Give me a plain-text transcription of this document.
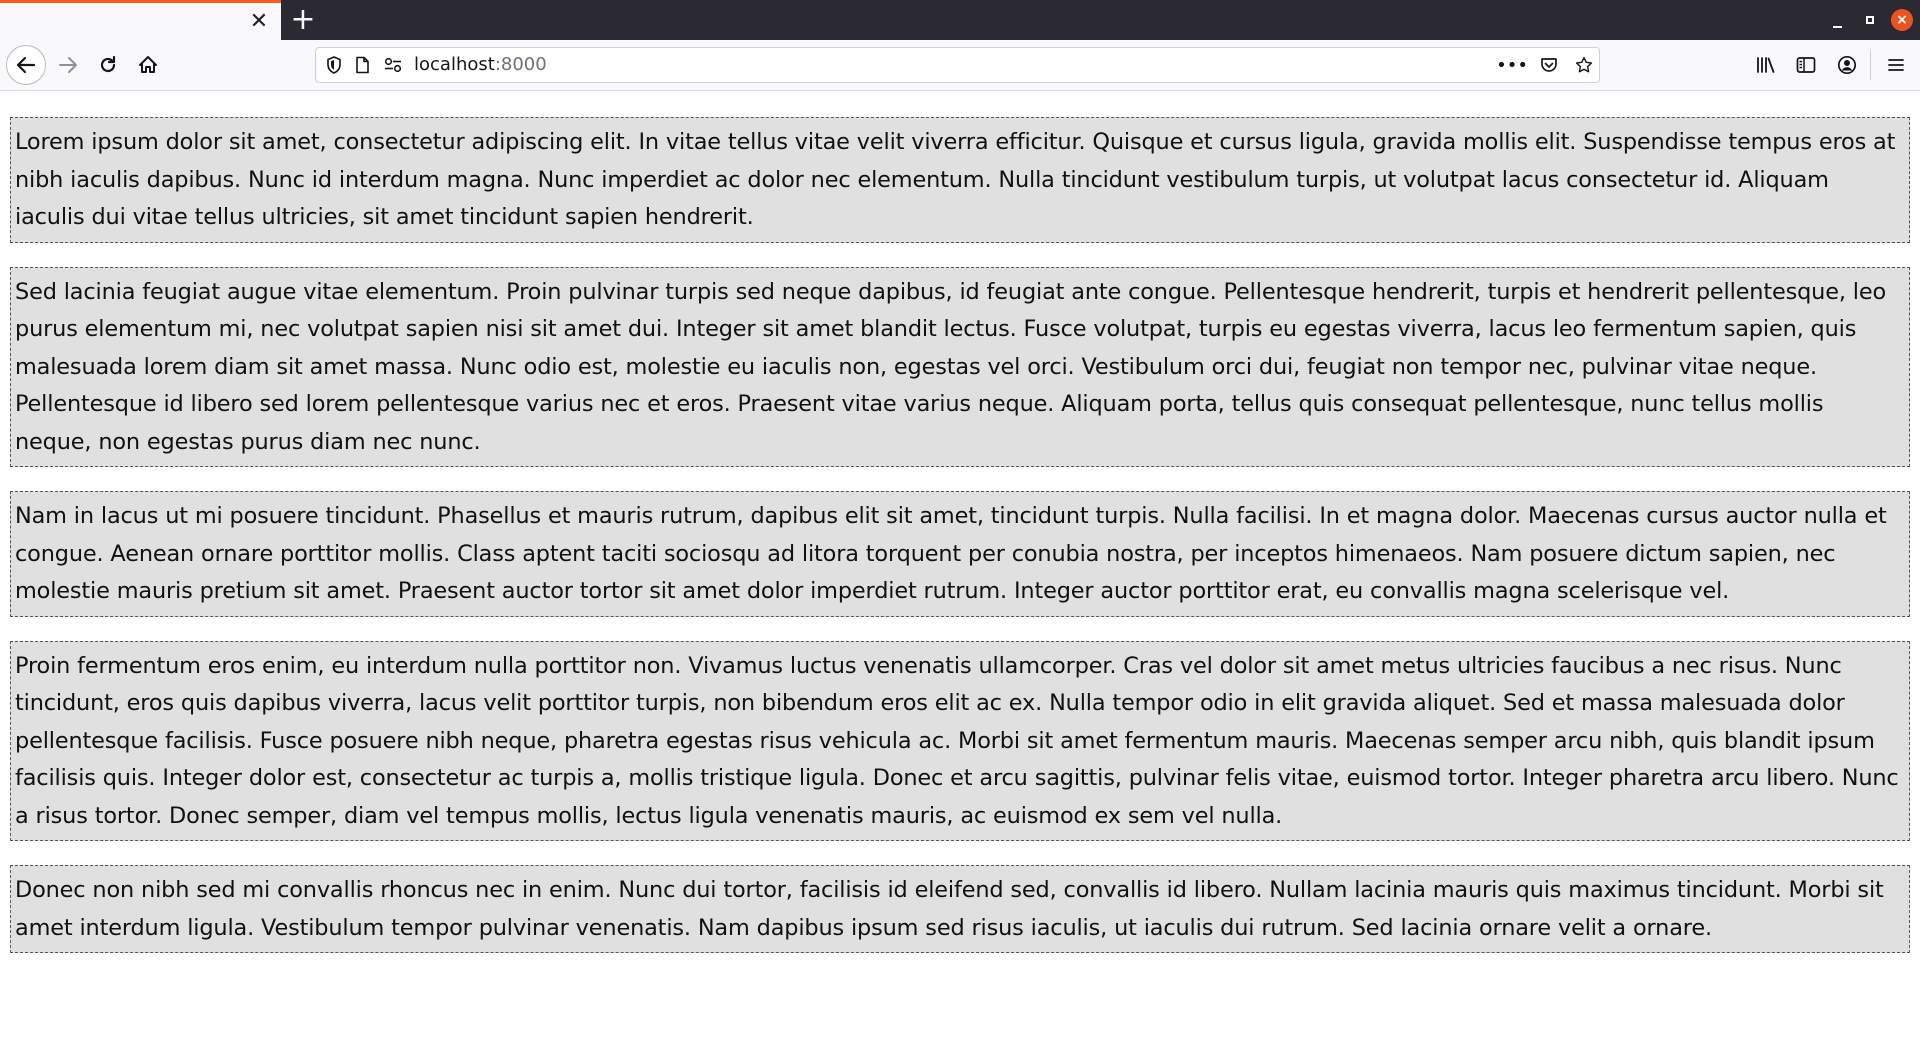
✕ +	×
localhost:8000	•••
Lorem ipsum dolor sit amet, consectetur adipiscing elit. In vitae tellus vitae velit viverra efficitur. Quisque et cursus ligula, gravida mollis elit. Suspendisse tempus eros at nibh iaculis dapibus. Nunc id interdum magna. Nunc imperdiet ac dolor nec elementum. Nulla tincidunt vestibulum turpis, ut volutpat lacus consectetur id. Aliquam iaculis dui vitae tellus ultricies, sit amet tincidunt sapien hendrerit.
Sed lacinia feugiat augue vitae elementum. Proin pulvinar turpis sed neque dapibus, id feugiat ante congue. Pellentesque hendrerit, turpis et hendrerit pellentesque, leo purus elementum mi, nec volutpat sapien nisi sit amet dui. Integer sit amet blandit lectus. Fusce volutpat, turpis eu egestas viverra, lacus leo fermentum sapien, quis malesuada lorem diam sit amet massa. Nunc odio est, molestie eu iaculis non, egestas vel orci. Vestibulum orci dui, feugiat non tempor nec, pulvinar vitae neque. Pellentesque id libero sed lorem pellentesque varius nec et eros. Praesent vitae varius neque. Aliquam porta, tellus quis consequat pellentesque, nunc tellus mollis neque, non egestas purus diam nec nunc.
Nam in lacus ut mi posuere tincidunt. Phasellus et mauris rutrum, dapibus elit sit amet, tincidunt turpis. Nulla facilisi. In et magna dolor. Maecenas cursus auctor nulla et congue. Aenean ornare porttitor mollis. Class aptent taciti sociosqu ad litora torquent per conubia nostra, per inceptos himenaeos. Nam posuere dictum sapien, nec molestie mauris pretium sit amet. Praesent auctor tortor sit amet dolor imperdiet rutrum. Integer auctor porttitor erat, eu convallis magna scelerisque vel.
Proin fermentum eros enim, eu interdum nulla porttitor non. Vivamus luctus venenatis ullamcorper. Cras vel dolor sit amet metus ultricies faucibus a nec risus. Nunc tincidunt, eros quis dapibus viverra, lacus velit porttitor turpis, non bibendum eros elit ac ex. Nulla tempor odio in elit gravida aliquet. Sed et massa malesuada dolor pellentesque facilisis. Fusce posuere nibh neque, pharetra egestas risus vehicula ac. Morbi sit amet fermentum mauris. Maecenas semper arcu nibh, quis blandit ipsum facilisis quis. Integer dolor est, consectetur ac turpis a, mollis tristique ligula. Donec et arcu sagittis, pulvinar felis vitae, euismod tortor. Integer pharetra arcu libero. Nunc a risus tortor. Donec semper, diam vel tempus mollis, lectus ligula venenatis mauris, ac euismod ex sem vel nulla.
Donec non nibh sed mi convallis rhoncus nec in enim. Nunc dui tortor, facilisis id eleifend sed, convallis id libero. Nullam lacinia mauris quis maximus tincidunt. Morbi sit amet interdum ligula. Vestibulum tempor pulvinar venenatis. Nam dapibus ipsum sed risus iaculis, ut iaculis dui rutrum. Sed lacinia ornare velit a ornare.
